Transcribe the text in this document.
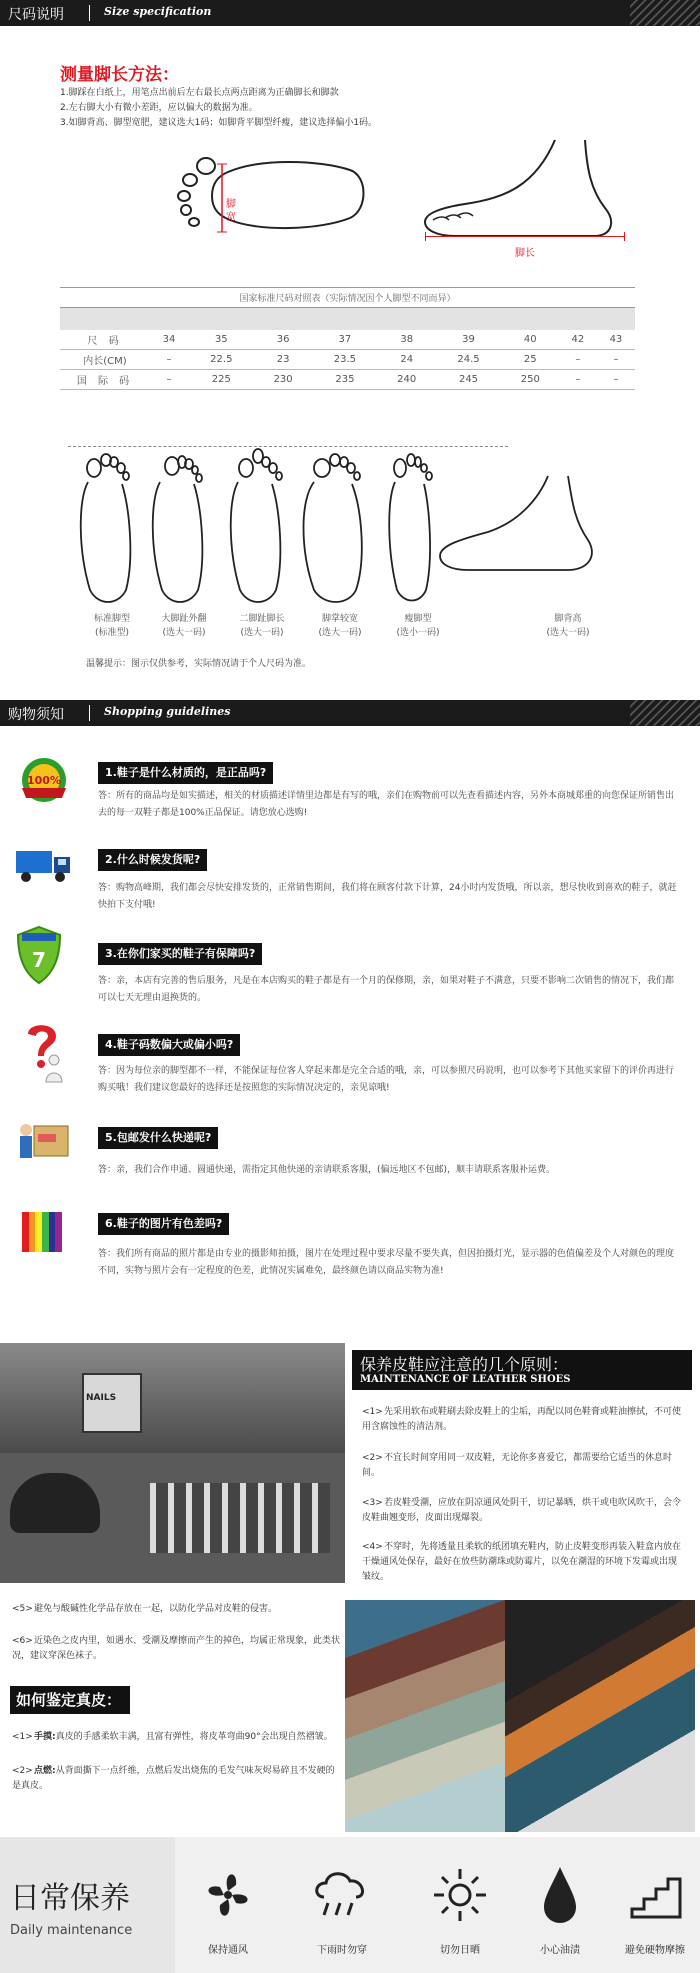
尺码说明	Size specification
测量脚长方法：
1.脚踩在白纸上，用笔点出前后左右最长点两点距离为正确脚长和脚款
2.左右脚大小有微小差距，应以偏大的数据为准。
3.如脚背高、脚型宽肥，建议选大1码；如脚背平脚型纤瘦，建议选择偏小1码。
脚宽
脚长
国家标准尺码对照表（实际情况因个人脚型不同而异）									

尺 码	34	35	36	37	38	39	40	42	43
内长(CM)	–	22.5	23	23.5	24	24.5	25	–	–
国 际 码	–	225	230	235	240	245	250	–	–
标准脚型
(标准型)
大脚趾外翻
(选大一码)
二脚趾脚长
(选大一码)
脚掌较宽
(选大一码)
瘦脚型
(选小一码)
脚背高
(选大一码)
温馨提示：图示仅供参考，实际情况请于个人尺码为准。
购物须知	Shopping guidelines
100%
1.鞋子是什么材质的，是正品吗?
答：所有的商品均是如实描述，相关的材质描述详情里边都是有写的哦，亲们在购物前可以先查看描述内容，另外本商城郑重的向您保证所销售出去的每一双鞋子都是100%正品保证。请您放心选购!
2.什么时候发货呢?
答：购物高峰期，我们都会尽快安排发货的，正常销售期间，我们将在顾客付款下计算，24小时内发货哦，所以亲，想尽快收到喜欢的鞋子，就赶快拍下支付哦!
7	3.在你们家买的鞋子有保障吗?
答：亲，本店有完善的售后服务，凡是在本店购买的鞋子都是有一个月的保修期，亲，如果对鞋子不满意，只要不影响二次销售的情况下，我们都可以七天无理由退换货的。
4.鞋子码数偏大或偏小吗?
答：因为每位亲的脚型都不一样，不能保证每位客人穿起来都是完全合适的哦，亲，可以参照尺码说明，也可以参考下其他买家留下的评价再进行购买哦！我们建议您最好的选择还是按照您的实际情况决定的，亲见谅哦!
5.包邮发什么快递呢?
答：亲，我们合作申通、圆通快递，需指定其他快递的亲请联系客服，(偏远地区不包邮)，顺丰请联系客服补运费。
6.鞋子的图片有色差吗?
答：我们所有商品的照片都是由专业的摄影师拍摄，图片在处理过程中要求尽量不要失真，但因拍摄灯光，显示器的色值偏差及个人对颜色的理度不同，实物与照片会有一定程度的色差，此情况实属难免，最终颜色请以商品实物为准!
NAILS
保养皮鞋应注意的几个原则：
MAINTENANCE OF LEATHER SHOES
<1>先采用软布或鞋刷去除皮鞋上的尘垢，再配以同色鞋膏或鞋油擦拭，不可使用含腐蚀性的清洁剂。
<2>不宜长时间穿用同一双皮鞋，无论你多喜爱它，都需要给它适当的休息时间。
<3>若皮鞋受潮，应放在阴凉通风处阴干，切记暴晒，烘干或电吹风吹干，会令皮鞋曲翘变形，皮面出现爆裂。
<4>不穿时，先将透量且柔软的纸团填充鞋内，防止皮鞋变形再装入鞋盒内放在干燥通风处保存，最好在放些防潮珠或防霉片，以免在潮湿的环境下发霉或出现皱纹。
<5>避免与酸碱性化学品存放在一起，以防化学品对皮鞋的侵害。
<6>近染色之皮内里，如遇水、受潮及摩擦而产生的掉色，均属正常现象，此类状况，建议穿深色袜子。
如何鉴定真皮：
<1>手摸:真皮的手感柔软丰满，且富有弹性，将皮革弯曲90°会出现自然褶皱。
<2>点燃:从背面撕下一点纤维，点燃后发出烧焦的毛发气味灰烬易碎且不发硬的是真皮。
日常保养
Daily maintenance
保持通风	下雨时勿穿	切勿日晒	小心油渍	避免硬物摩擦
